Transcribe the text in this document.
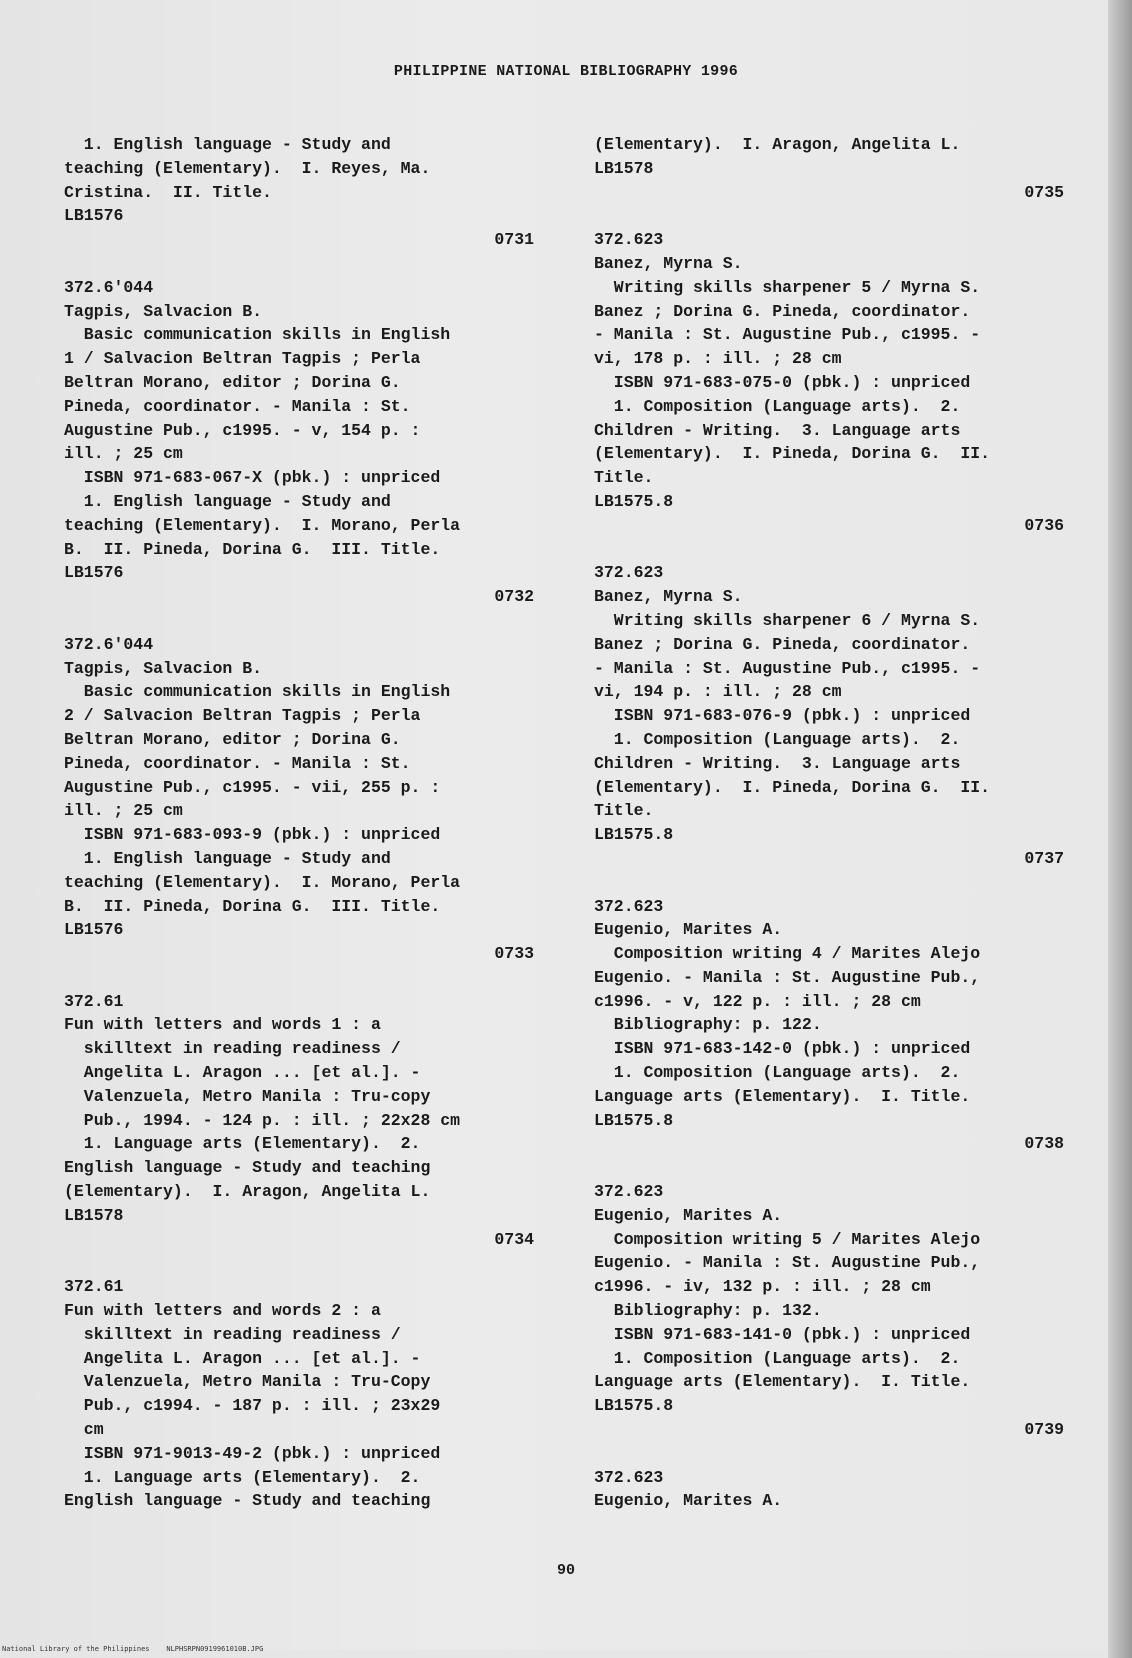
PHILIPPINE NATIONAL BIBLIOGRAPHY 1996
1. English language - Study and
teaching (Elementary).  I. Reyes, Ma.
Cristina.  II. Title.
LB1576
0731
372.6'044
Tagpis, Salvacion B.
Basic communication skills in English
1 / Salvacion Beltran Tagpis ; Perla
Beltran Morano, editor ; Dorina G.
Pineda, coordinator. - Manila : St.
Augustine Pub., c1995. - v, 154 p. :
ill. ; 25 cm
ISBN 971-683-067-X (pbk.) : unpriced
1. English language - Study and
teaching (Elementary).  I. Morano, Perla
B.  II. Pineda, Dorina G.  III. Title.
LB1576
0732
372.6'044
Tagpis, Salvacion B.
Basic communication skills in English
2 / Salvacion Beltran Tagpis ; Perla
Beltran Morano, editor ; Dorina G.
Pineda, coordinator. - Manila : St.
Augustine Pub., c1995. - vii, 255 p. :
ill. ; 25 cm
ISBN 971-683-093-9 (pbk.) : unpriced
1. English language - Study and
teaching (Elementary).  I. Morano, Perla
B.  II. Pineda, Dorina G.  III. Title.
LB1576
0733
372.61
Fun with letters and words 1 : a
skilltext in reading readiness /
Angelita L. Aragon ... [et al.]. -
Valenzuela, Metro Manila : Tru-copy
Pub., 1994. - 124 p. : ill. ; 22x28 cm
1. Language arts (Elementary).  2.
English language - Study and teaching
(Elementary).  I. Aragon, Angelita L.
LB1578
0734
372.61
Fun with letters and words 2 : a
skilltext in reading readiness /
Angelita L. Aragon ... [et al.]. -
Valenzuela, Metro Manila : Tru-Copy
Pub., c1994. - 187 p. : ill. ; 23x29
cm
ISBN 971-9013-49-2 (pbk.) : unpriced
1. Language arts (Elementary).  2.
English language - Study and teaching
(Elementary).  I. Aragon, Angelita L.
LB1578
0735
372.623
Banez, Myrna S.
Writing skills sharpener 5 / Myrna S.
Banez ; Dorina G. Pineda, coordinator.
- Manila : St. Augustine Pub., c1995. -
vi, 178 p. : ill. ; 28 cm
ISBN 971-683-075-0 (pbk.) : unpriced
1. Composition (Language arts).  2.
Children - Writing.  3. Language arts
(Elementary).  I. Pineda, Dorina G.  II.
Title.
LB1575.8
0736
372.623
Banez, Myrna S.
Writing skills sharpener 6 / Myrna S.
Banez ; Dorina G. Pineda, coordinator.
- Manila : St. Augustine Pub., c1995. -
vi, 194 p. : ill. ; 28 cm
ISBN 971-683-076-9 (pbk.) : unpriced
1. Composition (Language arts).  2.
Children - Writing.  3. Language arts
(Elementary).  I. Pineda, Dorina G.  II.
Title.
LB1575.8
0737
372.623
Eugenio, Marites A.
Composition writing 4 / Marites Alejo
Eugenio. - Manila : St. Augustine Pub.,
c1996. - v, 122 p. : ill. ; 28 cm
Bibliography: p. 122.
ISBN 971-683-142-0 (pbk.) : unpriced
1. Composition (Language arts).  2.
Language arts (Elementary).  I. Title.
LB1575.8
0738
372.623
Eugenio, Marites A.
Composition writing 5 / Marites Alejo
Eugenio. - Manila : St. Augustine Pub.,
c1996. - iv, 132 p. : ill. ; 28 cm
Bibliography: p. 132.
ISBN 971-683-141-0 (pbk.) : unpriced
1. Composition (Language arts).  2.
Language arts (Elementary).  I. Title.
LB1575.8
0739
372.623
Eugenio, Marites A.
90
National Library of the Philippines    NLPHSRPN0919961010B.JPG
